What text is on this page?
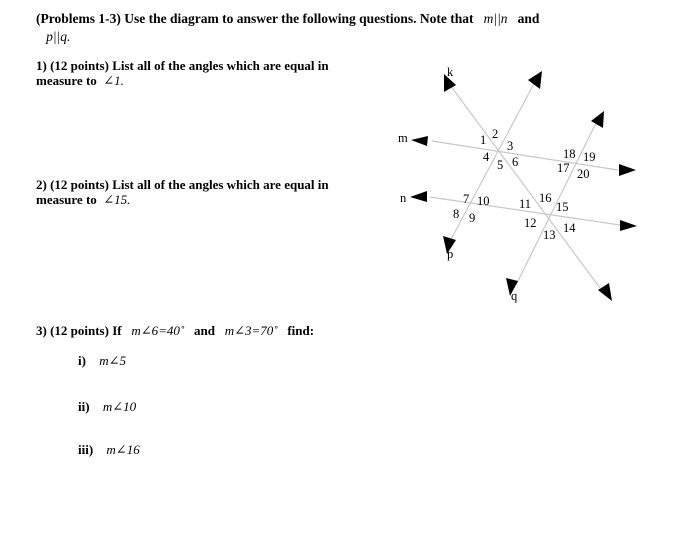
(Problems 1-3) Use the diagram to answer the following questions. Note that m||n and
p||q.
1) (12 points) List all of the angles which are equal in measure to ∠1.
2) (12 points) List all of the angles which are equal in measure to ∠15.
3) (12 points) If m∠6=40˚ and m∠3=70˚ find:
i) m∠5
ii) m∠10
iii) m∠16
k
m
n
p
q
1 2
3
4
5 6
7
8 9
10 11
12
13 14
15
16
17
18 19
20
